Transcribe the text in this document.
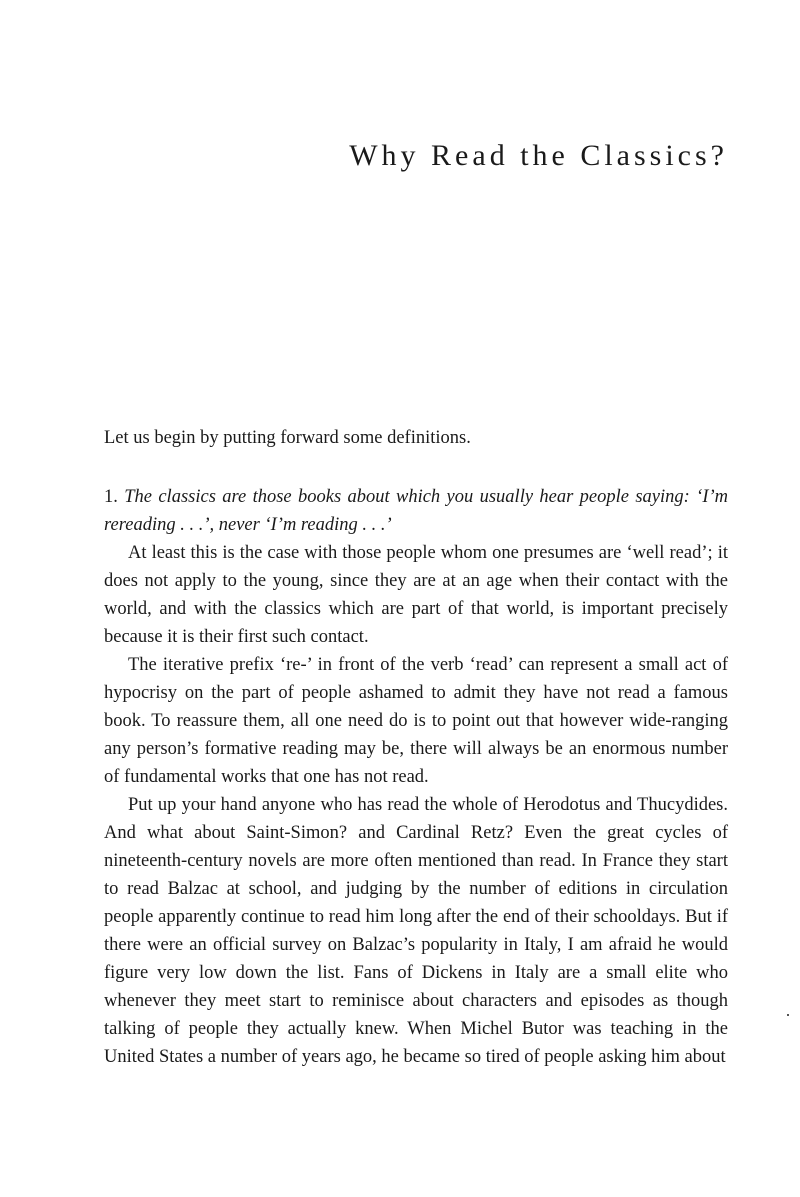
Why Read the Classics?

Let us begin by putting forward some definitions.

1. The classics are those books about which you usually hear people saying: ‘I’m rereading . . .’, never ‘I’m reading . . .’

At least this is the case with those people whom one presumes are ‘well read’; it does not apply to the young, since they are at an age when their contact with the world, and with the classics which are part of that world, is important precisely because it is their first such contact.

The iterative prefix ‘re-’ in front of the verb ‘read’ can represent a small act of hypocrisy on the part of people ashamed to admit they have not read a famous book. To reassure them, all one need do is to point out that however wide-ranging any person’s formative reading may be, there will always be an enormous number of fundamental works that one has not read.

Put up your hand anyone who has read the whole of Herodotus and Thucydides. And what about Saint-Simon? and Cardinal Retz? Even the great cycles of nineteenth-century novels are more often mentioned than read. In France they start to read Balzac at school, and judging by the number of editions in circulation people apparently continue to read him long after the end of their schooldays. But if there were an official survey on Balzac’s popularity in Italy, I am afraid he would figure very low down the list. Fans of Dickens in Italy are a small elite who whenever they meet start to reminisce about characters and episodes as though talking of people they actually knew. When Michel Butor was teaching in the United States a number of years ago, he became so tired of people asking him about
